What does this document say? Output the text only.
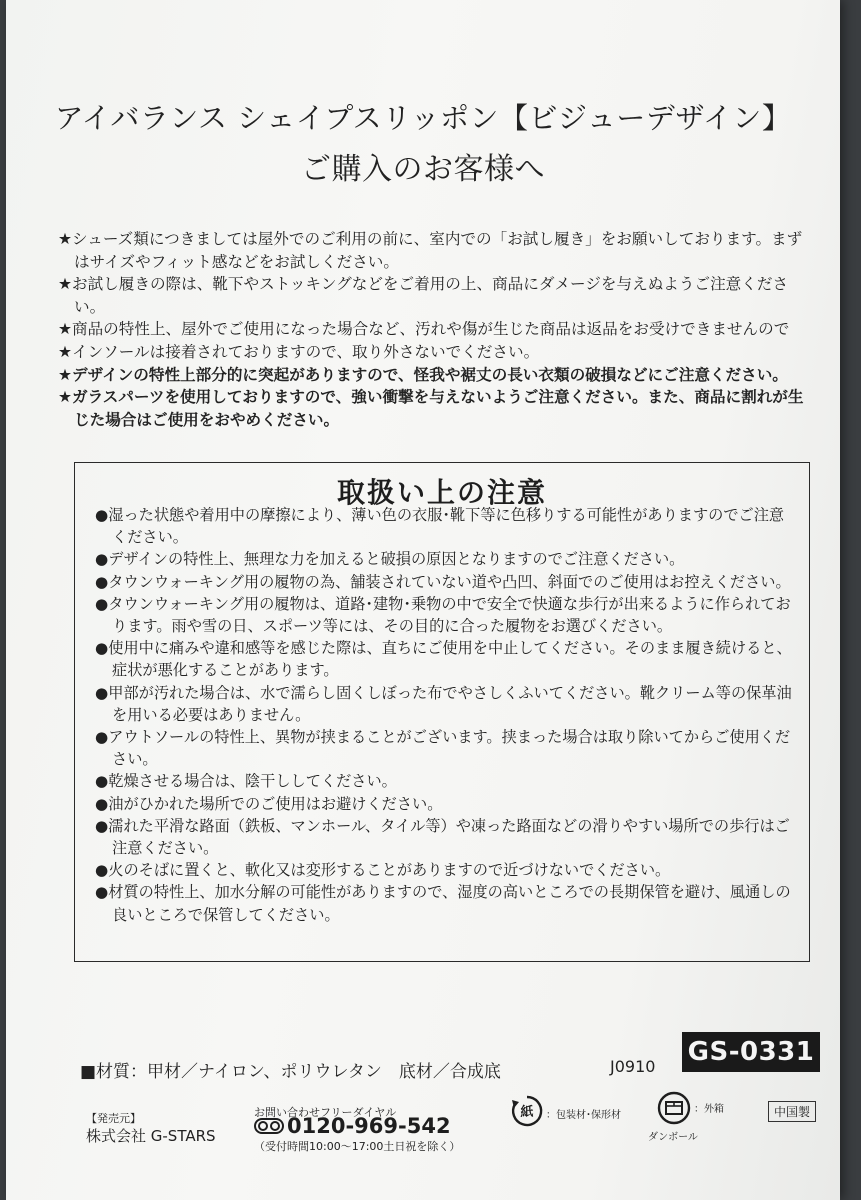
アイバランス シェイプスリッポン【ビジューデザイン】
ご購入のお客様へ

★シューズ類につきましては屋外でのご利用の前に、室内での「お試し履き」をお願いしております。まずはサイズやフィット感などをお試しください。

★お試し履きの際は、靴下やストッキングなどをご着用の上、商品にダメージを与えぬようご注意ください。

★商品の特性上、屋外でご使用になった場合など、汚れや傷が生じた商品は返品をお受けできませんので

★インソールは接着されておりますので、取り外さないでください。

★デザインの特性上部分的に突起がありますので、怪我や裾丈の長い衣類の破損などにご注意ください。

★ガラスパーツを使用しておりますので、強い衝撃を与えないようご注意ください。また、商品に割れが生じた場合はご使用をおやめください。

取扱い上の注意

●湿った状態や着用中の摩擦により、薄い色の衣服･靴下等に色移りする可能性がありますのでご注意ください。

●デザインの特性上、無理な力を加えると破損の原因となりますのでご注意ください。

●タウンウォーキング用の履物の為、舗装されていない道や凸凹、斜面でのご使用はお控えください。

●タウンウォーキング用の履物は、道路･建物･乗物の中で安全で快適な歩行が出来るように作られております。雨や雪の日、スポーツ等には、その目的に合った履物をお選びください。

●使用中に痛みや違和感等を感じた際は、直ちにご使用を中止してください。そのまま履き続けると、症状が悪化することがあります。

●甲部が汚れた場合は、水で濡らし固くしぼった布でやさしくふいてください。靴クリーム等の保革油を用いる必要はありません。

●アウトソールの特性上、異物が挟まることがございます。挟まった場合は取り除いてからご使用ください。

●乾燥させる場合は、陰干ししてください。

●油がひかれた場所でのご使用はお避けください。

●濡れた平滑な路面（鉄板、マンホール、タイル等）や凍った路面などの滑りやすい場所での歩行はご注意ください。

●火のそばに置くと、軟化又は変形することがありますので近づけないでください。

●材質の特性上、加水分解の可能性がありますので、湿度の高いところでの長期保管を避け、風通しの良いところで保管してください。

■材質：甲材／ナイロン、ポリウレタン　底材／合成底	J0910 GS-0331
【発売元】
株式会社 G-STARS
お問い合わせフリーダイヤル
0120-969-542
（受付時間10:00～17:00土日祝を除く）
紙 ：包装材･保形材
：外箱
ダンボール
中国製
